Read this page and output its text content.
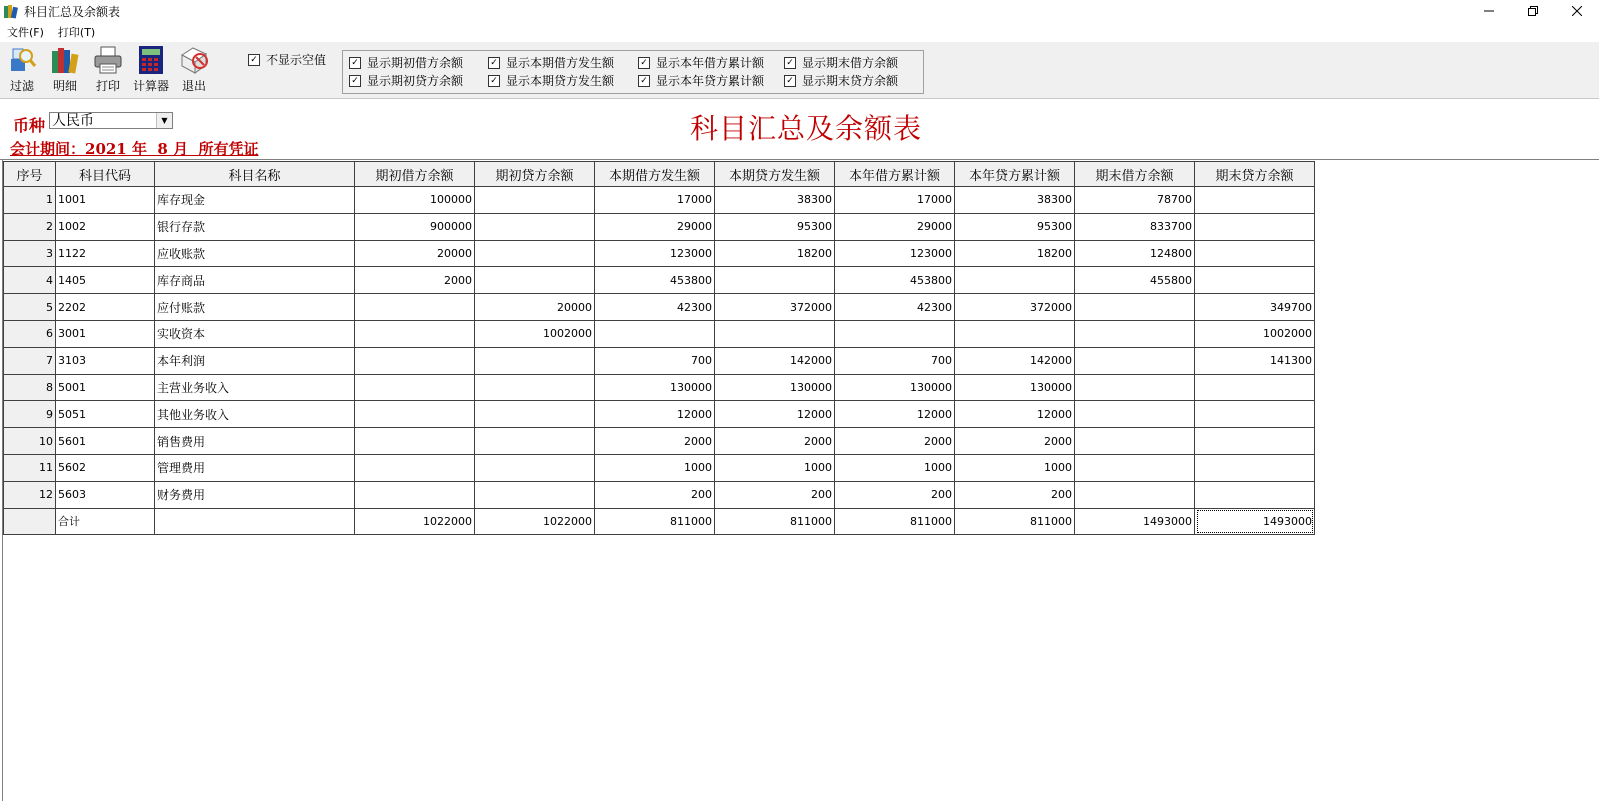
科目汇总及余额表
文件(F)	打印(T)
过滤	明细	打印	计算器	退出
✓ 不显示空值	✓ 显示期初借方余额	✓ 显示本期借方发生额	✓ 显示本年借方累计额 ✓ 显示期末借方余额
✓ 显示期初贷方余额	✓ 显示本期贷方发生额	✓ 显示本年贷方累计额 ✓ 显示期末贷方余额
币种 人民币	▼	科目汇总及余额表
会计期间：2021 年  8 月  所有凭证
序号	科目代码	科目名称	期初借方余额	期初贷方余额	本期借方发生额	本期贷方发生额	本年借方累计额	本年贷方累计额	期末借方余额	期末贷方余额
1	1001	库存现金	100000		17000	38300	17000	38300	78700	
2	1002	银行存款	900000		29000	95300	29000	95300	833700	
3	1122	应收账款	20000		123000	18200	123000	18200	124800	
4	1405	库存商品	2000		453800		453800		455800	
5	2202	应付账款		20000	42300	372000	42300	372000		349700
6	3001	实收资本		1002000						1002000
7	3103	本年利润			700	142000	700	142000		141300
8	5001	主营业务收入			130000	130000	130000	130000		
9	5051	其他业务收入			12000	12000	12000	12000		
10	5601	销售费用			2000	2000	2000	2000		
11	5602	管理费用			1000	1000	1000	1000		
12	5603	财务费用			200	200	200	200		
	合计		1022000	1022000	811000	811000	811000	811000	1493000	1493000
